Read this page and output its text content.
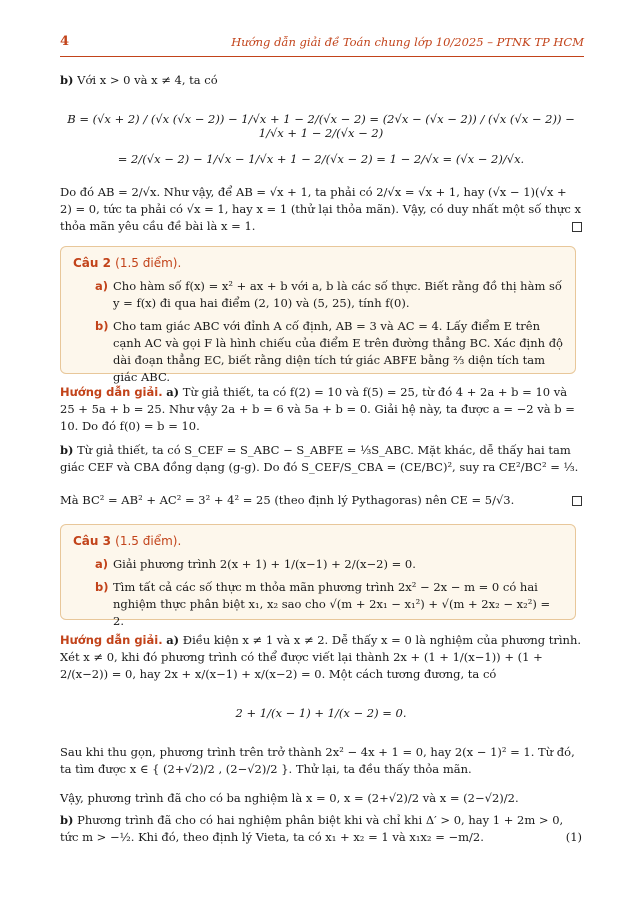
4	Hướng dẫn giải đề Toán chung lớp 10/2025 – PTNK TP HCM
b) Với x > 0 và x ≠ 4, ta có
B = (√x + 2) / (√x (√x − 2)) − 1/√x + 1 − 2/(√x − 2) = (2√x − (√x − 2)) / (√x (√x − 2)) − 1/√x + 1 − 2/(√x − 2)
= 2/(√x − 2) − 1/√x − 1/√x + 1 − 2/(√x − 2) = 1 − 2/√x = (√x − 2)/√x.
Do đó AB = 2/√x. Như vậy, để AB = √x + 1, ta phải có 2/√x = √x + 1, hay (√x − 1)(√x + 2) = 0, tức ta phải có √x = 1, hay x = 1 (thử lại thỏa mãn). Vậy, có duy nhất một số thực x thỏa mãn yêu cầu đề bài là x = 1.
Câu 2 (1.5 điểm).
a) Cho hàm số f(x) = x² + ax + b với a, b là các số thực. Biết rằng đồ thị hàm số y = f(x) đi qua hai điểm (2, 10) và (5, 25), tính f(0).
b) Cho tam giác ABC với đỉnh A cố định, AB = 3 và AC = 4. Lấy điểm E trên cạnh AC và gọi F là hình chiếu của điểm E trên đường thẳng BC. Xác định độ dài đoạn thẳng EC, biết rằng diện tích tứ giác ABFE bằng ⅔ diện tích tam giác ABC.
Hướng dẫn giải. a) Từ giả thiết, ta có f(2) = 10 và f(5) = 25, từ đó 4 + 2a + b = 10 và 25 + 5a + b = 25. Như vậy 2a + b = 6 và 5a + b = 0. Giải hệ này, ta được a = −2 và b = 10. Do đó f(0) = b = 10.
b) Từ giả thiết, ta có S_CEF = S_ABC − S_ABFE = ⅓S_ABC. Mặt khác, dễ thấy hai tam giác CEF và CBA đồng dạng (g-g). Do đó S_CEF/S_CBA = (CE/BC)², suy ra CE²/BC² = ⅓.
Mà BC² = AB² + AC² = 3² + 4² = 25 (theo định lý Pythagoras) nên CE = 5/√3.
Câu 3 (1.5 điểm).
a) Giải phương trình 2(x + 1) + 1/(x−1) + 2/(x−2) = 0.
b) Tìm tất cả các số thực m thỏa mãn phương trình 2x² − 2x − m = 0 có hai nghiệm thực phân biệt x₁, x₂ sao cho √(m + 2x₁ − x₁²) + √(m + 2x₂ − x₂²) = 2.
Hướng dẫn giải. a) Điều kiện x ≠ 1 và x ≠ 2. Dễ thấy x = 0 là nghiệm của phương trình. Xét x ≠ 0, khi đó phương trình có thể được viết lại thành 2x + (1 + 1/(x−1)) + (1 + 2/(x−2)) = 0, hay 2x + x/(x−1) + x/(x−2) = 0. Một cách tương đương, ta có
2 + 1/(x − 1) + 1/(x − 2) = 0.
Sau khi thu gọn, phương trình trên trở thành 2x² − 4x + 1 = 0, hay 2(x − 1)² = 1. Từ đó, ta tìm được x ∈ { (2+√2)/2 , (2−√2)/2 }. Thử lại, ta đều thấy thỏa mãn.
Vậy, phương trình đã cho có ba nghiệm là x = 0, x = (2+√2)/2 và x = (2−√2)/2.
b) Phương trình đã cho có hai nghiệm phân biệt khi và chỉ khi Δ′ > 0, hay 1 + 2m > 0, tức m > −½. Khi đó, theo định lý Vieta, ta có x₁ + x₂ = 1 và x₁x₂ = −m/2.	(1)
